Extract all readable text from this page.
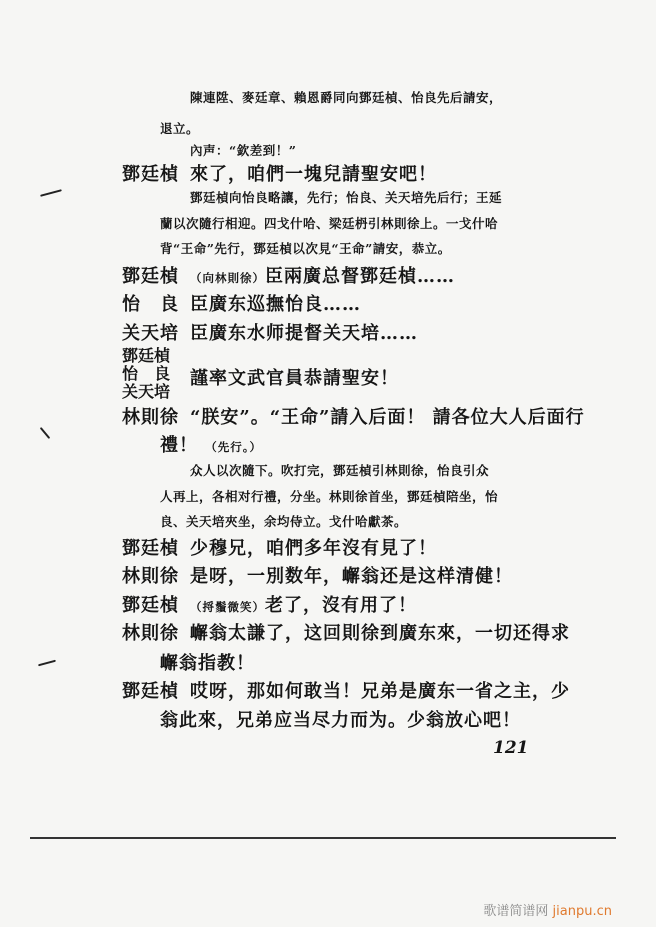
陳連陞、麥廷章、賴恩爵同向鄧廷楨、怡良先后請安，
退立。
內声：“欽差到！”
鄧廷楨 來了，咱們一塊兒請聖安吧！
鄧廷楨向怡良略讓，先行；怡良、关天培先后行；王延
蘭以次隨行相迎。四戈什哈、梁廷枬引林則徐上。一戈什哈
背“王命”先行，鄧廷楨以次見“王命”請安，恭立。
鄧廷楨 （向林則徐）臣兩廣总督鄧廷楨……
怡　良 臣廣东巡撫怡良……
关天培 臣廣东水师提督关天培……
鄧廷楨
怡　良
关天培
謹率文武官員恭請聖安！
林則徐 “朕安”。“王命”請入后面！ 請各位大人后面行
禮！ （先行。）
众人以次隨下。吹打完，鄧廷楨引林則徐，怡良引众
人再上，各相对行禮，分坐。林則徐首坐，鄧廷楨陪坐，怡
良、关天培夾坐，余均侍立。戈什哈獻茶。
鄧廷楨 少穆兄，咱們多年沒有見了！
林則徐 是呀，一別数年，嶰翁还是这样清健！
鄧廷楨 （捋鬚微笑）老了，沒有用了！
林則徐 嶰翁太謙了，这回則徐到廣东來，一切还得求
嶰翁指教！
鄧廷楨 哎呀，那如何敢当！兄弟是廣东一省之主，少
翁此來，兄弟应当尽力而为。少翁放心吧！
121
歌谱简谱网 jianpu.cn
